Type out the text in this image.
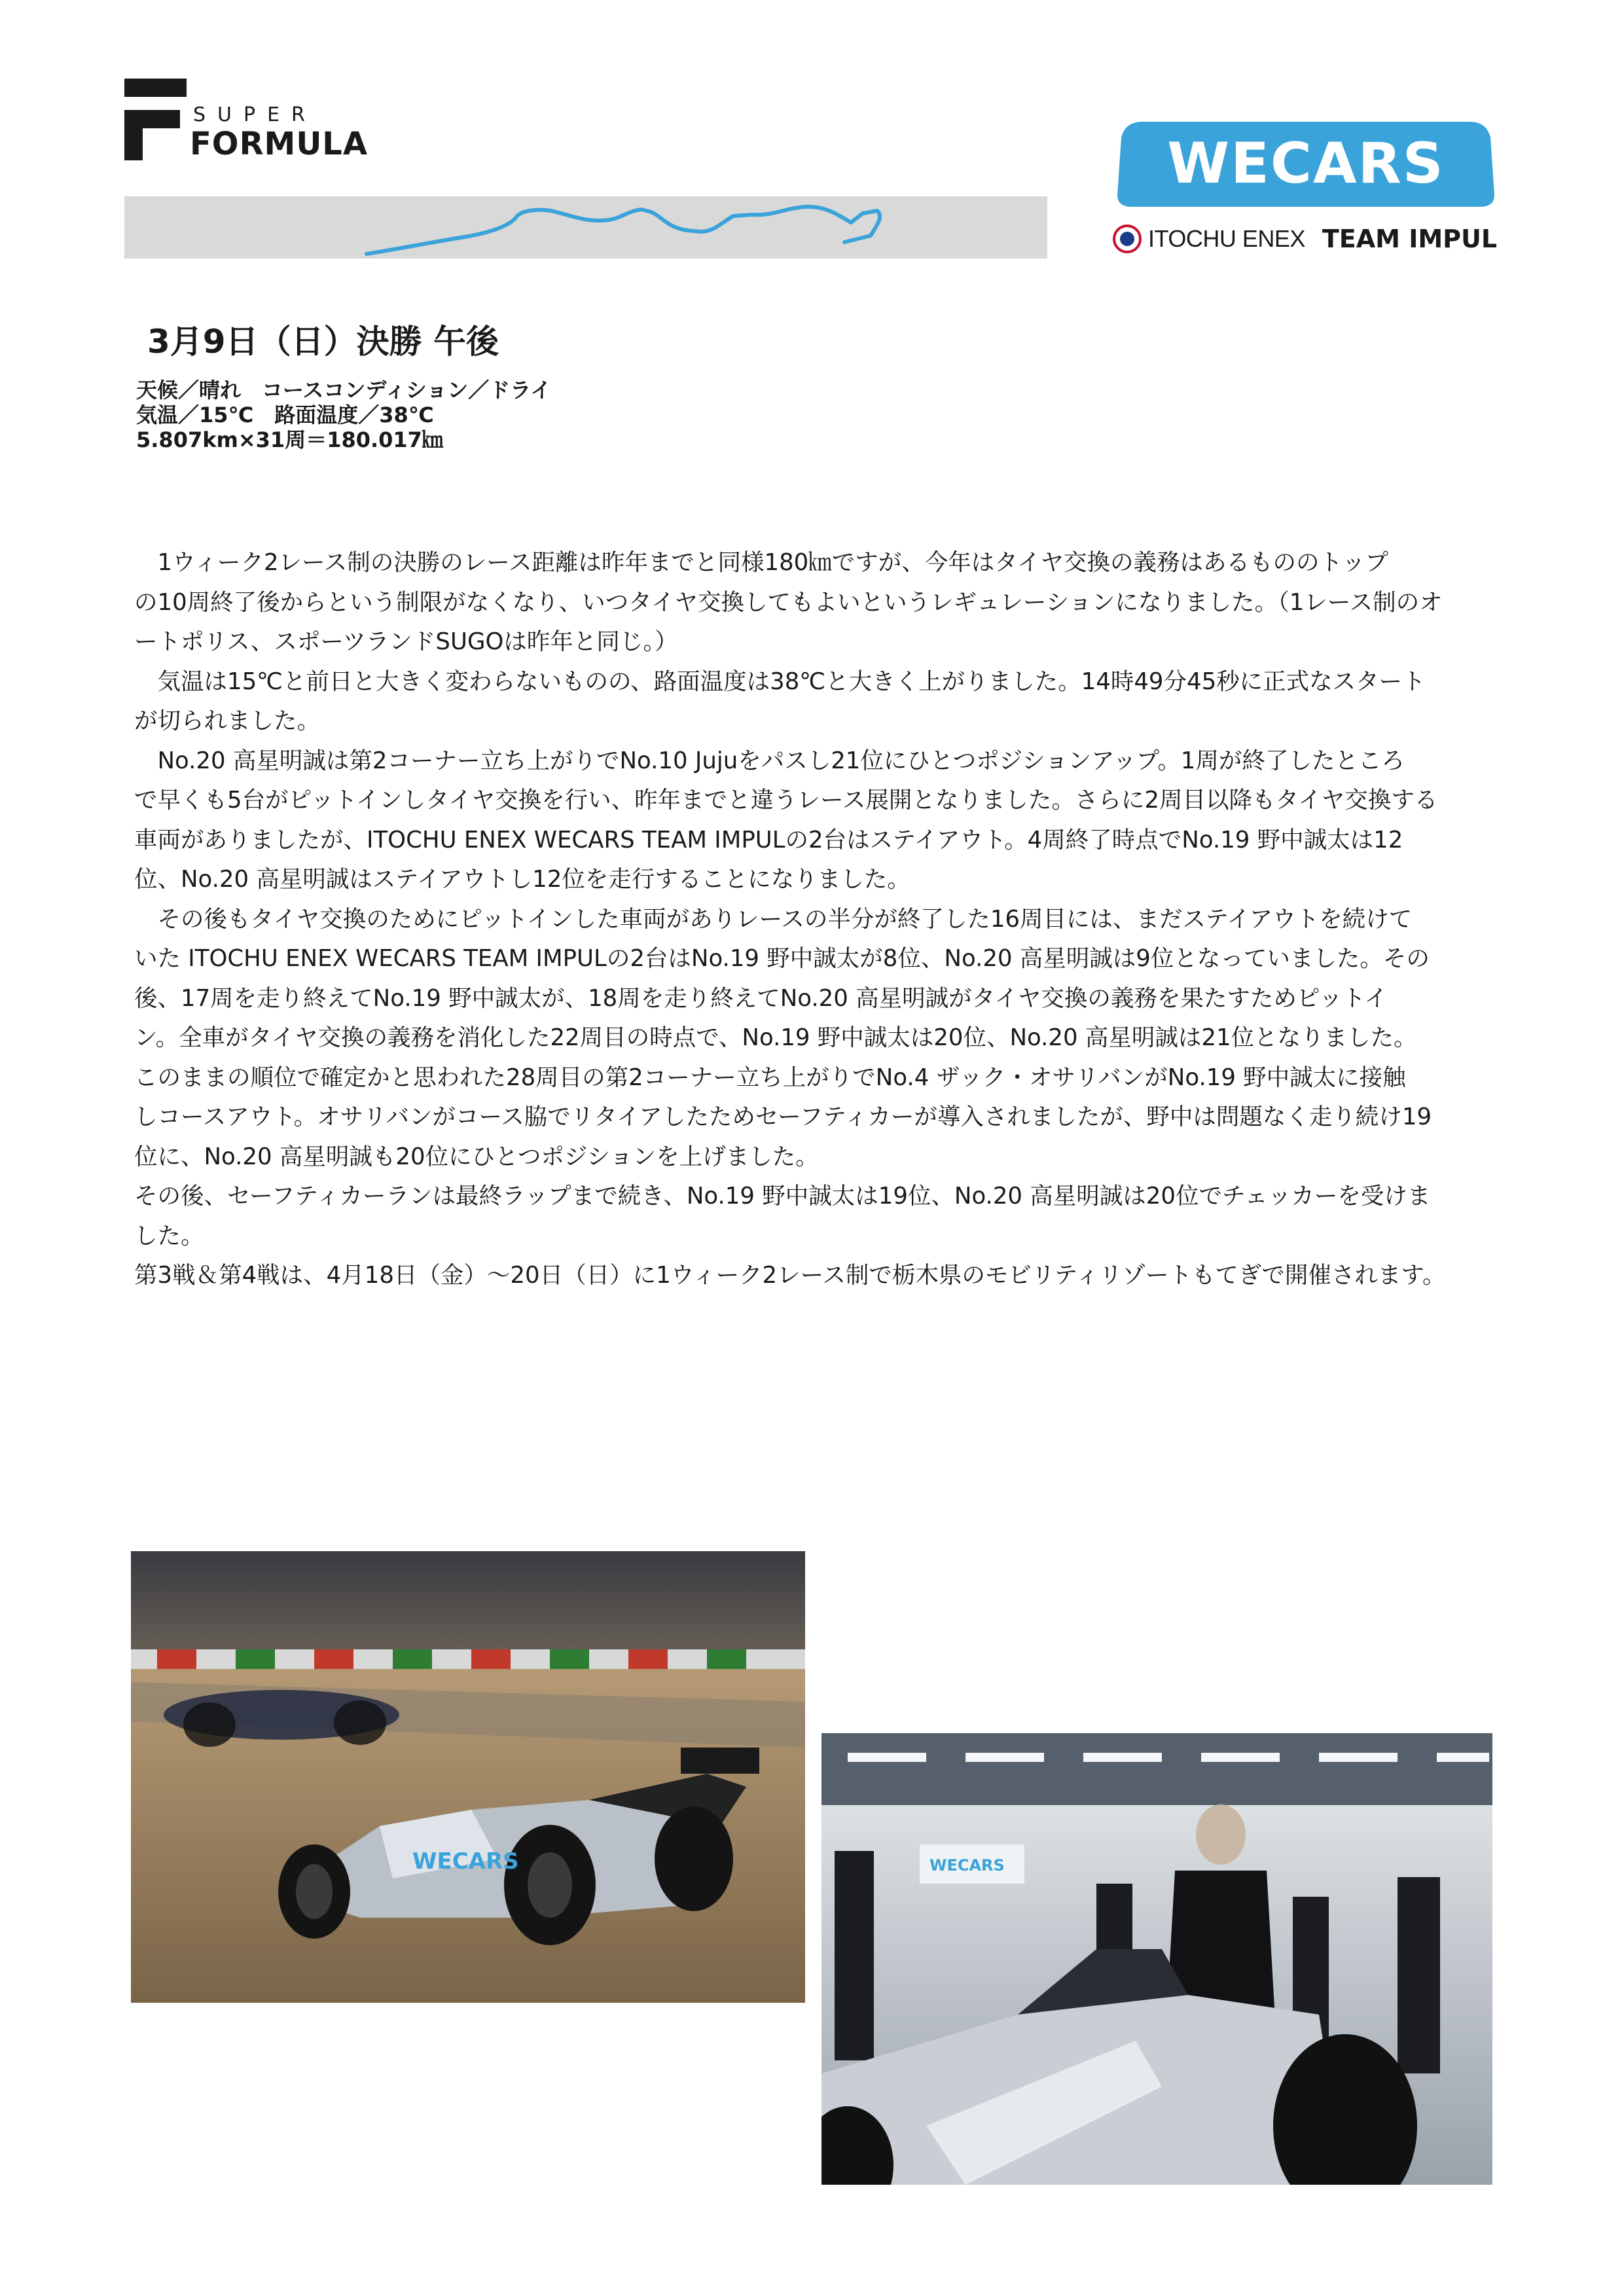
SUPER
FORMULA	WECARS
ITOCHU ENEX TEAM IMPUL
3月9日（日）決勝 午後
天候／晴れ　コースコンディション／ドライ
気温／15℃　路面温度／38℃
5.807km×31周＝180.017㎞
　1ウィーク2レース制の決勝のレース距離は昨年までと同様180㎞ですが、今年はタイヤ交換の義務はあるもののトップ
の10周終了後からという制限がなくなり、いつタイヤ交換してもよいというレギュレーションになりました。（1レース制のオ
ートポリス、スポーツランドSUGOは昨年と同じ。）
　気温は15℃と前日と大きく変わらないものの、路面温度は38℃と大きく上がりました。14時49分45秒に正式なスタート
が切られました。
　No.20 高星明誠は第2コーナー立ち上がりでNo.10 Jujuをパスし21位にひとつポジションアップ。1周が終了したところ
で早くも5台がピットインしタイヤ交換を行い、昨年までと違うレース展開となりました。さらに2周目以降もタイヤ交換する
車両がありましたが、ITOCHU ENEX WECARS TEAM IMPULの2台はステイアウト。4周終了時点でNo.19 野中誠太は12
位、No.20 高星明誠はステイアウトし12位を走行することになりました。
　その後もタイヤ交換のためにピットインした車両がありレースの半分が終了した16周目には、まだステイアウトを続けて
いた ITOCHU ENEX WECARS TEAM IMPULの2台はNo.19 野中誠太が8位、No.20 高星明誠は9位となっていました。その
後、17周を走り終えてNo.19 野中誠太が、18周を走り終えてNo.20 高星明誠がタイヤ交換の義務を果たすためピットイ
ン。全車がタイヤ交換の義務を消化した22周目の時点で、No.19 野中誠太は20位、No.20 高星明誠は21位となりました。
このままの順位で確定かと思われた28周目の第2コーナー立ち上がりでNo.4 ザック・オサリバンがNo.19 野中誠太に接触
しコースアウト。オサリバンがコース脇でリタイアしたためセーフティカーが導入されましたが、野中は問題なく走り続け19
位に、No.20 高星明誠も20位にひとつポジションを上げました。
その後、セーフティカーランは最終ラップまで続き、No.19 野中誠太は19位、No.20 高星明誠は20位でチェッカーを受けま
した。
第3戦＆第4戦は、4月18日（金）～20日（日）に1ウィーク2レース制で栃木県のモビリティリゾートもてぎで開催されます。
WECARS	WECARS
